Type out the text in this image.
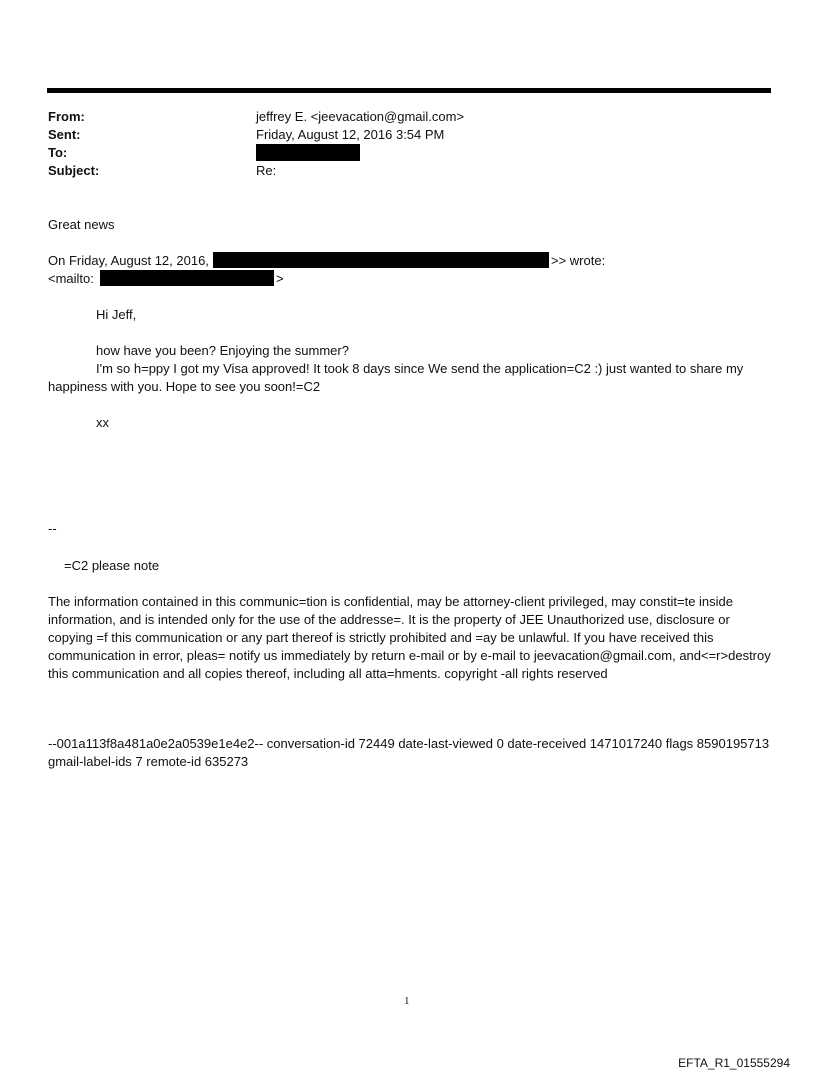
From:
Sent:
To:
Subject:
jeffrey E. <jeevacation@gmail.com>
Friday, August 12, 2016 3:54 PM
Re:
Great news
On Friday, August 12, 2016,	>> wrote:
<mailto:	>
Hi Jeff,
how have you been? Enjoying the summer?
I'm so h=ppy I got my Visa approved! It took 8 days since We send the application=C2 :) just wanted to share my
happiness with you. Hope to see you soon!=C2
xx
--
=C2 please note
The information contained in this communic=tion is confidential, may be attorney-client privileged, may constit=te inside information, and is intended only for the use of the addresse=. It is the property of JEE Unauthorized use, disclosure or copying =f this communication or any part thereof is strictly prohibited and =ay be unlawful. If you have received this communication in error, pleas= notify us immediately by return e-mail or by e-mail to jeevacation@gmail.com, and<=r>destroy this communication and all copies thereof, including all atta=hments. copyright -all rights reserved
--001a113f8a481a0e2a0539e1e4e2-- conversation-id 72449 date-last-viewed 0 date-received 1471017240 flags 8590195713 gmail-label-ids 7 remote-id 635273
1
EFTA_R1_01555294
